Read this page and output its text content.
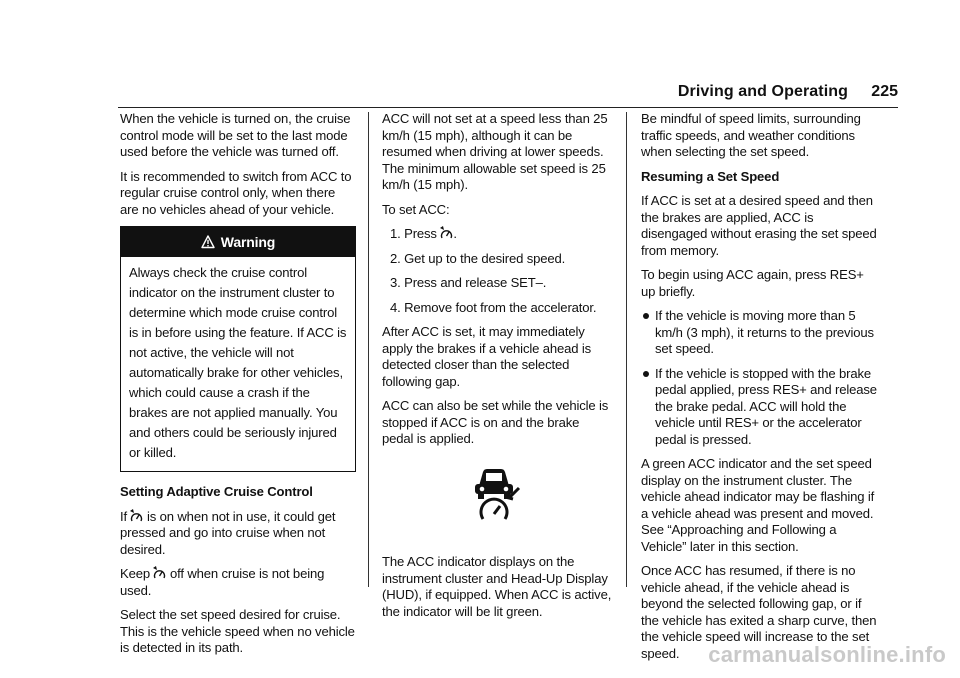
Driving and Operating 225

When the vehicle is turned on, the cruise control mode will be set to the last mode used before the vehicle was turned off.

It is recommended to switch from ACC to regular cruise control only, when there are no vehicles ahead of your vehicle.

Warning
Always check the cruise control indicator on the instrument cluster to determine which mode cruise control is in before using the feature. If ACC is not active, the vehicle will not automatically brake for other vehicles, which could cause a crash if the brakes are not applied manually. You and others could be seriously injured or killed.

Setting Adaptive Cruise Control

If is on when not in use, it could get pressed and go into cruise when not desired.

Keep off when cruise is not being used.

Select the set speed desired for cruise. This is the vehicle speed when no vehicle is detected in its path.

ACC will not set at a speed less than 25 km/h (15 mph), although it can be resumed when driving at lower speeds. The minimum allowable set speed is 25 km/h (15 mph).

To set ACC:

1. Press .
2. Get up to the desired speed.
3. Press and release SET–.
4. Remove foot from the accelerator.

After ACC is set, it may immediately apply the brakes if a vehicle ahead is detected closer than the selected following gap.

ACC can also be set while the vehicle is stopped if ACC is on and the brake pedal is applied.

The ACC indicator displays on the instrument cluster and Head-Up Display (HUD), if equipped. When ACC is active, the indicator will be lit green.

Be mindful of speed limits, surrounding traffic speeds, and weather conditions when selecting the set speed.

Resuming a Set Speed

If ACC is set at a desired speed and then the brakes are applied, ACC is disengaged without erasing the set speed from memory.

To begin using ACC again, press RES+ up briefly.

If the vehicle is moving more than 5 km/h (3 mph), it returns to the previous set speed.
If the vehicle is stopped with the brake pedal applied, press RES+ and release the brake pedal. ACC will hold the vehicle until RES+ or the accelerator pedal is pressed.

A green ACC indicator and the set speed display on the instrument cluster. The vehicle ahead indicator may be flashing if a vehicle ahead was present and moved. See “Approaching and Following a Vehicle” later in this section.

Once ACC has resumed, if there is no vehicle ahead, if the vehicle ahead is beyond the selected following gap, or if the vehicle has exited a sharp curve, then the vehicle speed will increase to the set speed.	carmanualsonline.info
